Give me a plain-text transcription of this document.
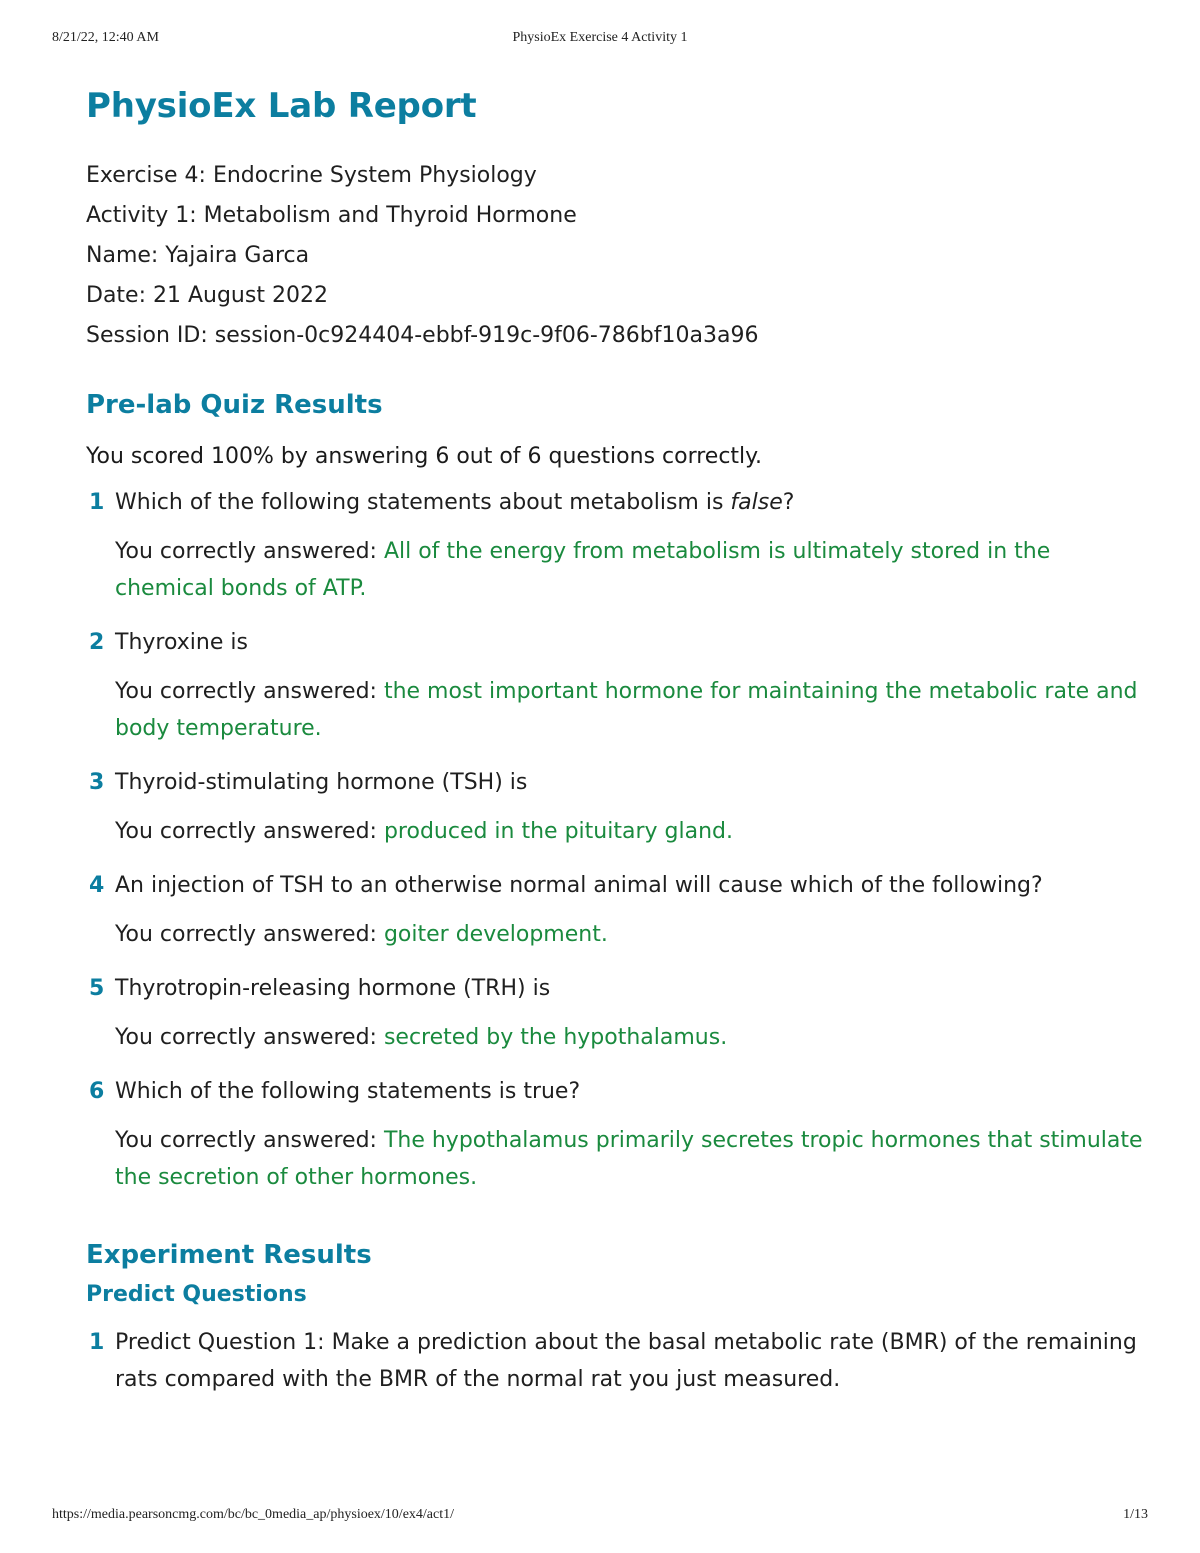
8/21/22, 12:40 AM	PhysioEx Exercise 4 Activity 1
PhysioEx Lab Report
Exercise 4: Endocrine System Physiology
Activity 1: Metabolism and Thyroid Hormone
Name: Yajaira Garca
Date: 21 August 2022
Session ID: session-0c924404-ebbf-919c-9f06-786bf10a3a96
Pre-lab Quiz Results
You scored 100% by answering 6 out of 6 questions correctly.
1 Which of the following statements about metabolism is false?
You correctly answered: All of the energy from metabolism is ultimately stored in the chemical bonds of ATP.
2 Thyroxine is
You correctly answered: the most important hormone for maintaining the metabolic rate and body temperature.
3 Thyroid-stimulating hormone (TSH) is
You correctly answered: produced in the pituitary gland.
4 An injection of TSH to an otherwise normal animal will cause which of the following?
You correctly answered: goiter development.
5 Thyrotropin-releasing hormone (TRH) is
You correctly answered: secreted by the hypothalamus.
6 Which of the following statements is true?
You correctly answered: The hypothalamus primarily secretes tropic hormones that stimulate the secretion of other hormones.
Experiment Results
Predict Questions
1 Predict Question 1: Make a prediction about the basal metabolic rate (BMR) of the remaining rats compared with the BMR of the normal rat you just measured.
https://media.pearsoncmg.com/bc/bc_0media_ap/physioex/10/ex4/act1/	1/13
